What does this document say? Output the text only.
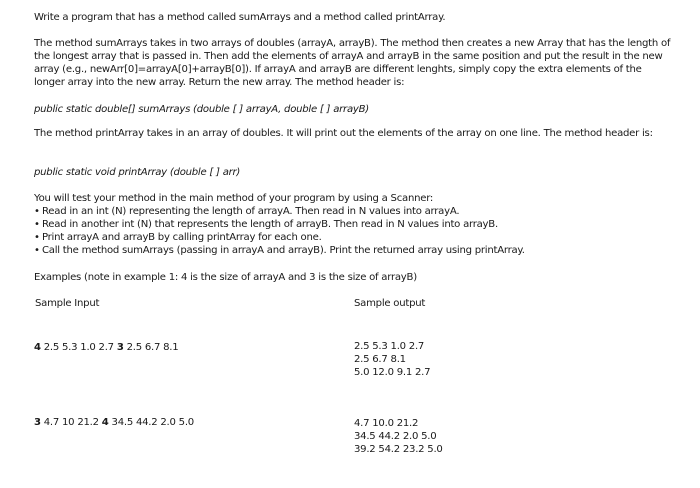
Write a program that has a method called sumArrays and a method called printArray.

The method sumArrays takes in two arrays of doubles (arrayA, arrayB). The method then creates a new Array that has the length of the longest array that is passed in. Then add the elements of arrayA and arrayB in the same position and put the result in the new array (e.g., newArr[0]=arrayA[0]+arrayB[0]). If arrayA and arrayB are different lenghts, simply copy the extra elements of the longer array into the new array. Return the new array. The method header is:

public static double[] sumArrays (double [ ] arrayA, double [ ] arrayB)

The method printArray takes in an array of doubles. It will print out the elements of the array on one line. The method header is:

public static void printArray (double [ ] arr)

You will test your method in the main method of your program by using a Scanner:

• Read in an int (N) representing the length of arrayA. Then read in N values into arrayA.
• Read in another int (N) that represents the length of arrayB. Then read in N values into arrayB.
• Print arrayA and arrayB by calling printArray for each one.
• Call the method sumArrays (passing in arrayA and arrayB). Print the returned array using printArray.

Examples (note in example 1: 4 is the size of arrayA and 3 is the size of arrayB)

Sample Input	Sample output

4 2.5 5.3 1.0 2.7 3 2.5 6.7 8.1	2.5 5.3 1.0 2.7
2.5 6.7 8.1
5.0 12.0 9.1 2.7

3 4.7 10 21.2 4 34.5 44.2 2.0 5.0	4.7 10.0 21.2
34.5 44.2 2.0 5.0
39.2 54.2 23.2 5.0
